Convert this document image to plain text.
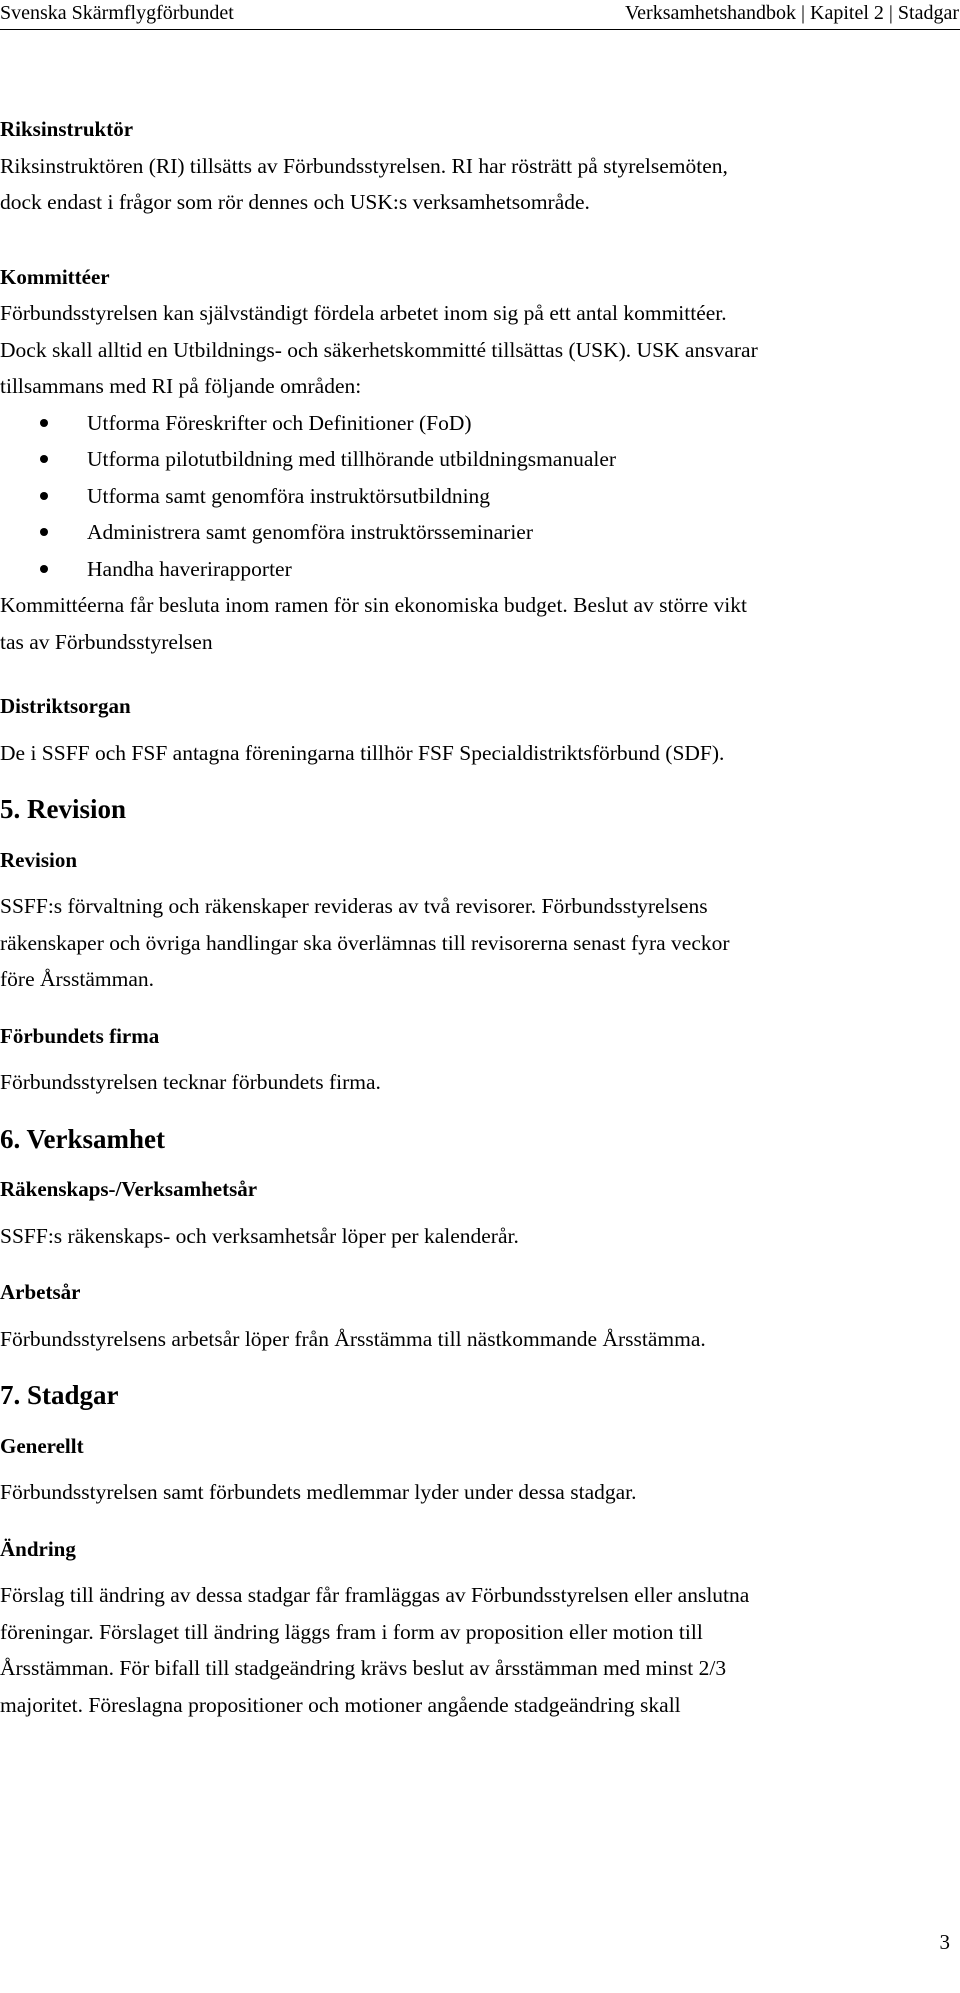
Svenska Skärmflygförbundet	Verksamhetshandbok | Kapitel 2 | Stadgar
Riksinstruktör
Riksinstruktören (RI) tillsätts av Förbundsstyrelsen. RI har rösträtt på styrelsemöten,
dock endast i frågor som rör dennes och USK:s verksamhetsområde.
Kommittéer
Förbundsstyrelsen kan självständigt fördela arbetet inom sig på ett antal kommittéer.
Dock skall alltid en Utbildnings- och säkerhetskommitté tillsättas (USK). USK ansvarar
tillsammans med RI på följande områden:
Utforma Föreskrifter och Definitioner (FoD)
Utforma pilotutbildning med tillhörande utbildningsmanualer
Utforma samt genomföra instruktörsutbildning
Administrera samt genomföra instruktörsseminarier
Handha haverirapporter
Kommittéerna får besluta inom ramen för sin ekonomiska budget. Beslut av större vikt
tas av Förbundsstyrelsen
Distriktsorgan
De i SSFF och FSF antagna föreningarna tillhör FSF Specialdistriktsförbund (SDF).
5. Revision
Revision
SSFF:s förvaltning och räkenskaper revideras av två revisorer. Förbundsstyrelsens
räkenskaper och övriga handlingar ska överlämnas till revisorerna senast fyra veckor
före Årsstämman.
Förbundets firma
Förbundsstyrelsen tecknar förbundets firma.
6. Verksamhet
Räkenskaps-/Verksamhetsår
SSFF:s räkenskaps- och verksamhetsår löper per kalenderår.
Arbetsår
Förbundsstyrelsens arbetsår löper från Årsstämma till nästkommande Årsstämma.
7. Stadgar
Generellt
Förbundsstyrelsen samt förbundets medlemmar lyder under dessa stadgar.
Ändring
Förslag till ändring av dessa stadgar får framläggas av Förbundsstyrelsen eller anslutna
föreningar. Förslaget till ändring läggs fram i form av proposition eller motion till
Årsstämman. För bifall till stadgeändring krävs beslut av årsstämman med minst 2/3
majoritet. Föreslagna propositioner och motioner angående stadgeändring skall
3
